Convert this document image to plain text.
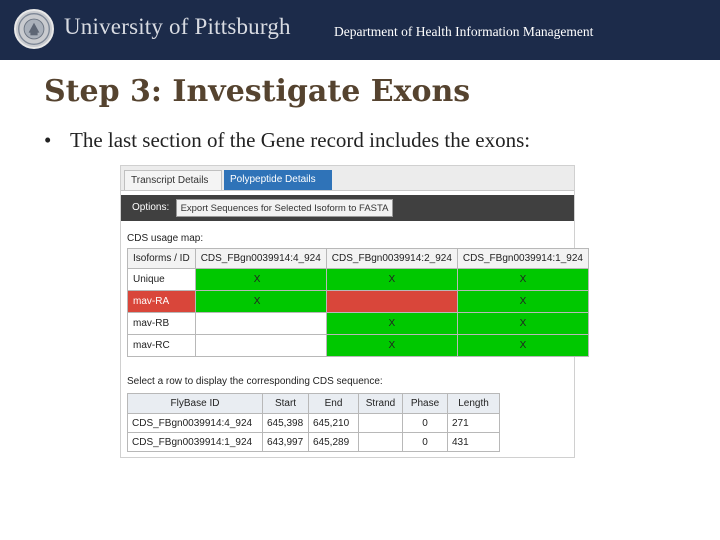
University of Pittsburgh	Department of Health Information Management
Step 3: Investigate Exons
• The last section of the Gene record includes the exons:
Transcript Details	Polypeptide Details
Options:	Export Sequences for Selected Isoform to FASTA
CDS usage map:
Isoforms / ID	CDS_FBgn0039914:4_924	CDS_FBgn0039914:2_924	CDS_FBgn0039914:1_924
Unique	X	X	X
mav-RA	X		X
mav-RB		X	X
mav-RC		X	X
Select a row to display the corresponding CDS sequence:
FlyBase ID	Start	End	Strand	Phase	Length
CDS_FBgn0039914:4_924	645,398	645,210		0	271
CDS_FBgn0039914:1_924	643,997	645,289		0	431
